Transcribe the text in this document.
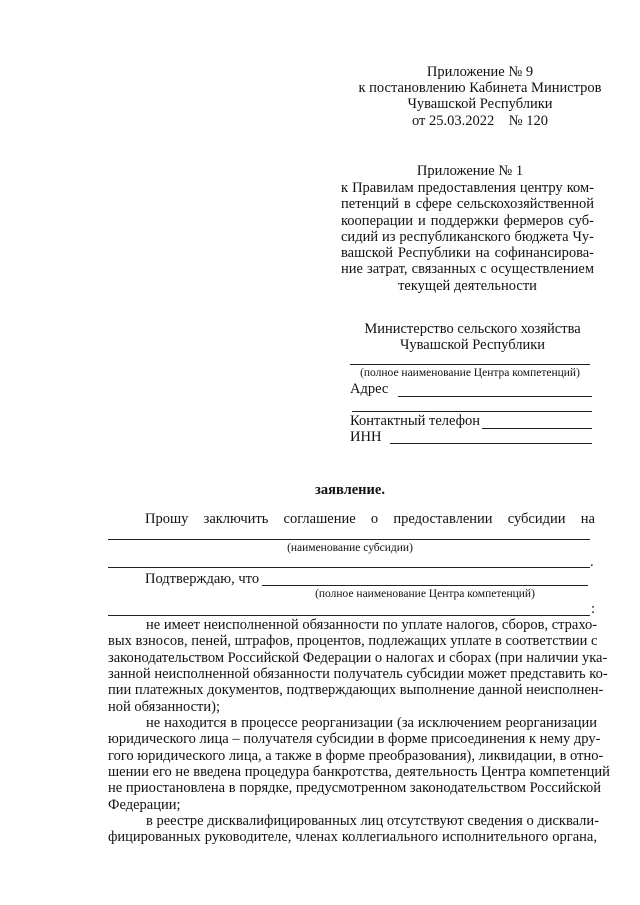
Приложение № 9
к постановлению Кабинета Министров
Чувашской Республики
от 25.03.2022    № 120
Приложение № 1
к Правилам предоставления центру ком-
петенций в сфере сельскохозяйственной
кооперации и поддержки фермеров суб-
сидий из республиканского бюджета Чу-
вашской Республики на софинансирова-
ние затрат, связанных с осуществлением
текущей деятельности
Министерство сельского хозяйства
Чувашской Республики
(полное наименование Центра компетенций)
Адрес
Контактный телефон
ИНН
заявление.
Прошу заключить соглашение о предоставлении субсидии на
(наименование субсидии)
.
Подтверждаю, что
(полное наименование Центра компетенций)
:
не имеет неисполненной обязанности по уплате налогов, сборов, страхо-
вых взносов, пеней, штрафов, процентов, подлежащих уплате в соответствии с
законодательством Российской Федерации о налогах и сборах (при наличии ука-
занной неисполненной обязанности получатель субсидии может представить ко-
пии платежных документов, подтверждающих выполнение данной неисполнен-
ной обязанности);
не находится в процессе реорганизации (за исключением реорганизации
юридического лица – получателя субсидии в форме присоединения к нему дру-
гого юридического лица, а также в форме преобразования), ликвидации, в отно-
шении его не введена процедура банкротства, деятельность Центра компетенций
не приостановлена в порядке, предусмотренном законодательством Российской
Федерации;
в реестре дисквалифицированных лиц отсутствуют сведения о дисквали-
фицированных руководителе, членах коллегиального исполнительного органа,
